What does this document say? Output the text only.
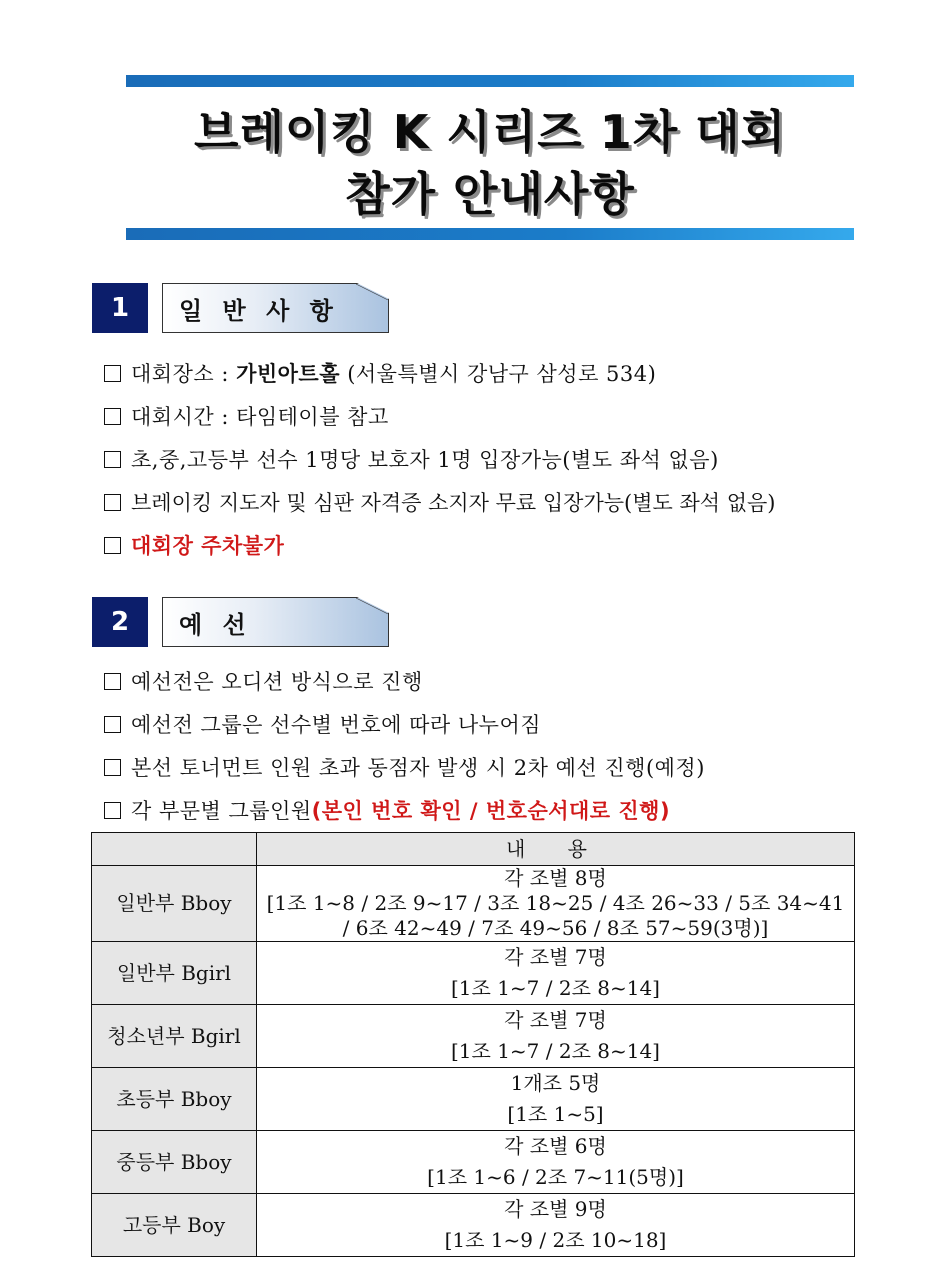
브레이킹 K 시리즈 1차 대회
참가 안내사항
1	일 반 사 항
대회장소 : 가빈아트홀 (서울특별시 강남구 삼성로 534)
대회시간 : 타임테이블 참고
초,중,고등부 선수 1명당 보호자 1명 입장가능(별도 좌석 없음)
브레이킹 지도자 및 심판 자격증 소지자 무료 입장가능(별도 좌석 없음)
대회장 주차불가
2	예 선
예선전은 오디션 방식으로 진행
예선전 그룹은 선수별 번호에 따라 나누어짐
본선 토너먼트 인원 초과 동점자 발생 시 2차 예선 진행(예정)
각 부문별 그룹인원(본인 번호 확인 / 번호순서대로 진행)
	내 용
일반부 Bboy	각 조별 8명
[1조 1~8 / 2조 9~17 / 3조 18~25 / 4조 26~33 / 5조 34~41
/ 6조 42~49 / 7조 49~56 / 8조 57~59(3명)]

일반부 Bgirl	각 조별 7명
[1조 1~7 / 2조 8~14]

청소년부 Bgirl	각 조별 7명
[1조 1~7 / 2조 8~14]

초등부 Bboy	1개조 5명
[1조 1~5]

중등부 Bboy	각 조별 6명
[1조 1~6 / 2조 7~11(5명)]

고등부 Boy	각 조별 9명
[1조 1~9 / 2조 10~18]
